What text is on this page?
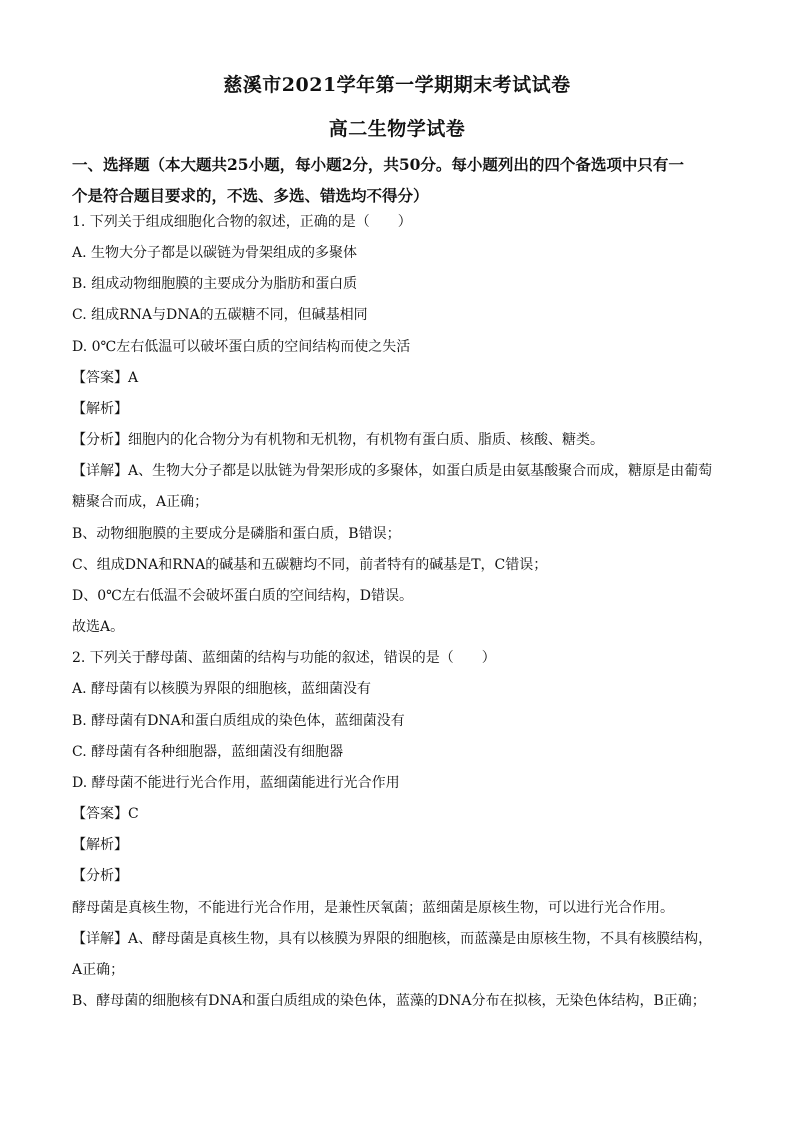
慈溪市2021学年第一学期期末考试试卷
高二生物学试卷
一、选择题（本大题共25小题，每小题2分，共50分。每小题列出的四个备选项中只有一
个是符合题目要求的，不选、多选、错选均不得分）
1. 下列关于组成细胞化合物的叙述，正确的是（　　）
A. 生物大分子都是以碳链为骨架组成的多聚体
B. 组成动物细胞膜的主要成分为脂肪和蛋白质
C. 组成RNA与DNA的五碳糖不同，但碱基相同
D. 0℃左右低温可以破坏蛋白质的空间结构而使之失活
【答案】A
【解析】
【分析】细胞内的化合物分为有机物和无机物，有机物有蛋白质、脂质、核酸、糖类。
【详解】A、生物大分子都是以肽链为骨架形成的多聚体，如蛋白质是由氨基酸聚合而成，糖原是由葡萄
糖聚合而成，A正确；
B、动物细胞膜的主要成分是磷脂和蛋白质，B错误；
C、组成DNA和RNA的碱基和五碳糖均不同，前者特有的碱基是T，C错误；
D、0℃左右低温不会破坏蛋白质的空间结构，D错误。
故选A。
2. 下列关于酵母菌、蓝细菌的结构与功能的叙述，错误的是（　　）
A. 酵母菌有以核膜为界限的细胞核，蓝细菌没有
B. 酵母菌有DNA和蛋白质组成的染色体，蓝细菌没有
C. 酵母菌有各种细胞器，蓝细菌没有细胞器
D. 酵母菌不能进行光合作用，蓝细菌能进行光合作用
【答案】C
【解析】
【分析】
酵母菌是真核生物，不能进行光合作用，是兼性厌氧菌；蓝细菌是原核生物，可以进行光合作用。
【详解】A、酵母菌是真核生物，具有以核膜为界限的细胞核，而蓝藻是由原核生物，不具有核膜结构，
A正确；
B、酵母菌的细胞核有DNA和蛋白质组成的染色体，蓝藻的DNA分布在拟核，无染色体结构，B正确；
